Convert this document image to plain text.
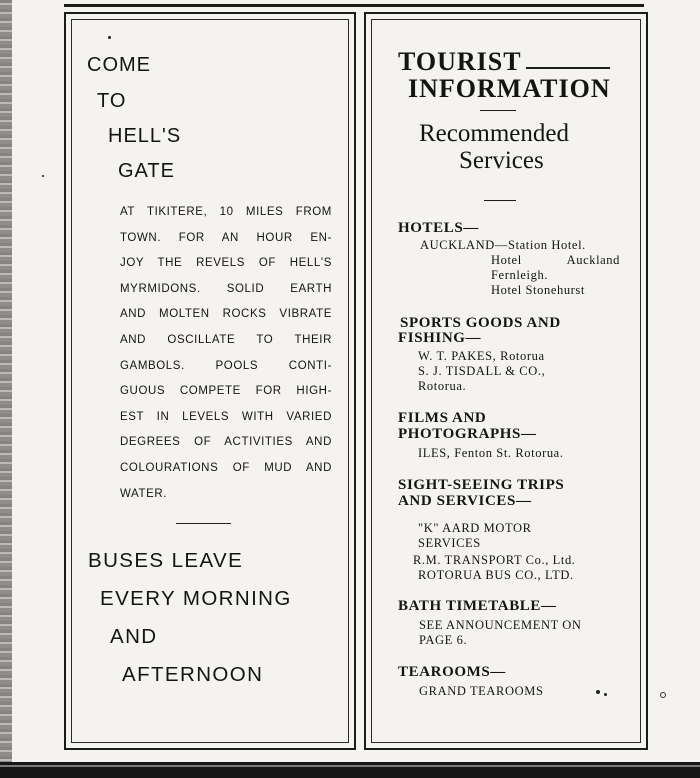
COME
TO
HELL'S
GATE
AT TIKITERE, 10 MILES FROM
TOWN. FOR AN HOUR EN-
JOY THE REVELS OF HELL'S
MYRMIDONS. SOLID EARTH
AND MOLTEN ROCKS VIBRATE
AND OSCILLATE TO THEIR
GAMBOLS. POOLS CONTI-
GUOUS COMPETE FOR HIGH-
EST IN LEVELS WITH VARIED
DEGREES OF ACTIVITIES AND
COLOURATIONS OF MUD AND
WATER.
BUSES LEAVE
EVERY MORNING
AND
AFTERNOON
TOURIST
INFORMATION
Recommended
Services
HOTELS—
AUCKLAND—Station Hotel.
Hotel	Auckland
Fernleigh.
Hotel Stonehurst
SPORTS GOODS AND
FISHING—
W. T. PAKES, Rotorua
S. J. TISDALL & CO.,
Rotorua.
FILMS AND
PHOTOGRAPHS—
ILES, Fenton St. Rotorua.
SIGHT-SEEING TRIPS
AND SERVICES—
"K" AARD MOTOR
SERVICES
R.M. TRANSPORT Co., Ltd.
ROTORUA BUS CO., LTD.
BATH TIMETABLE—
SEE ANNOUNCEMENT ON
PAGE 6.
TEAROOMS—
GRAND TEAROOMS
